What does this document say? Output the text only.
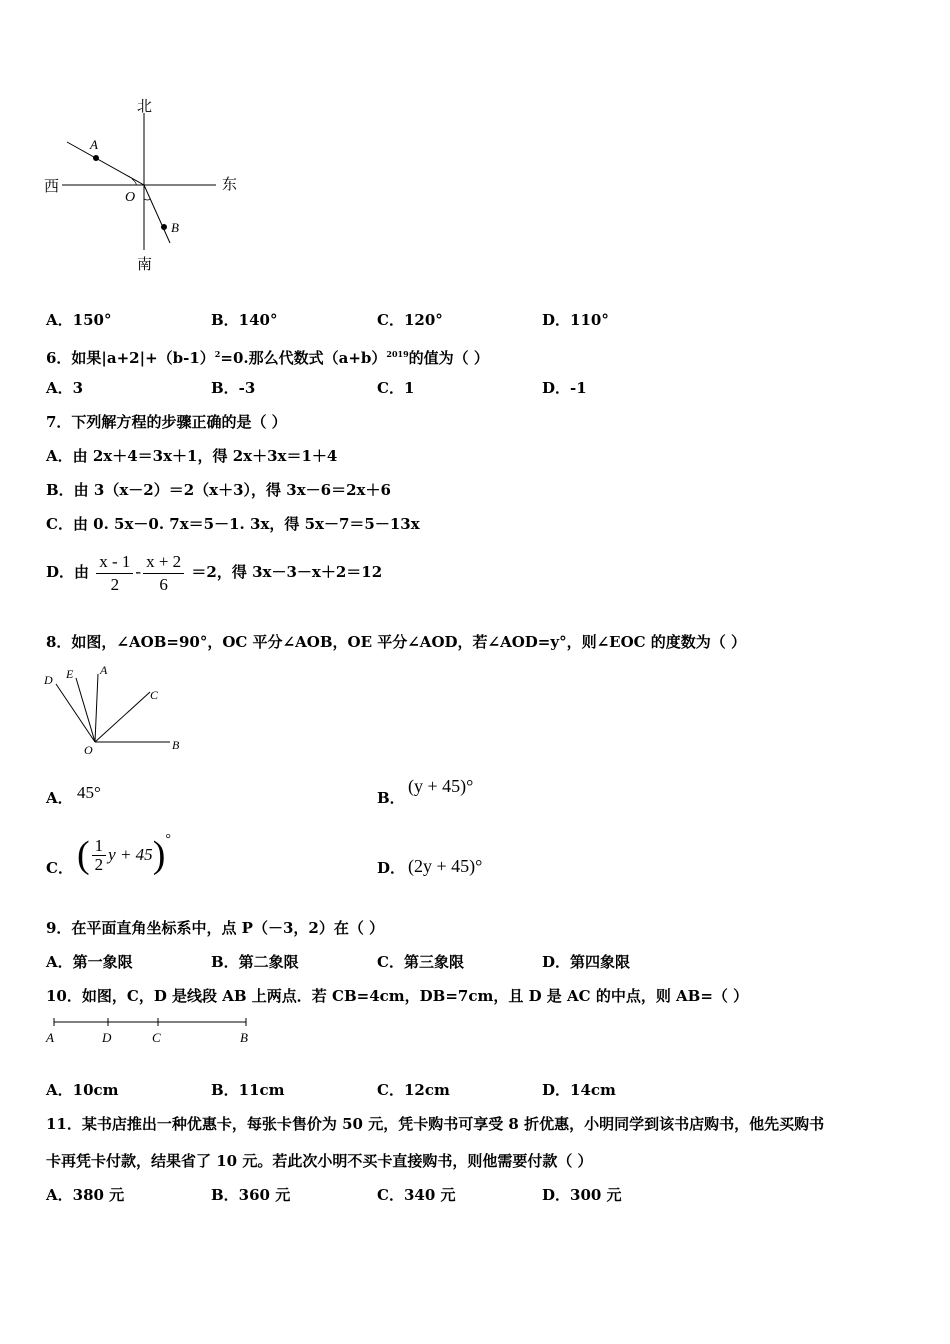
北
南
西	东
A
B
O
A．150°	B．140°	C．120°	D．110°
6．如果$|a+2|+(b-1)^2=0$.那么代数式$(a+b)^{2019}$的值为（ ）
A．3	B．-3	C．1	D．-1
7．下列解方程的步骤正确的是（ ）
A．由 2x＋4＝3x＋1，得 2x＋3x＝1＋4
B．由 3（x－2）＝2（x＋3），得 3x－6＝2x＋6
C．由 0. 5x－0. 7x＝5－1. 3x，得 5x－7＝5－13x
D．由 $\frac{x - 1}{2} - \frac{x + 2}{6} =2$，得 3x－3－x＋2＝12
8．如图，∠AOB=90°，OC 平分∠AOB，OE 平分∠AOD，若∠AOD=y°，则∠EOC 的度数为（ ）
D E A
C
O	B
A． 45°	B．
(y + 45)°
C． ( $\frac{1}{2}$ y + 45)°
D． (2y + 45)°
9．在平面直角坐标系中，点 P（－3，2）在（ ）
A．第一象限	B．第二象限	C．第三象限	D．第四象限
10．如图，C，D 是线段 AB 上两点．若 CB=4cm，DB=7cm，且 D 是 AC 的中点，则 AB=（ ）
A	D	C	B
A．10cm	B．11cm	C．12cm	D．14cm
11．某书店推出一种优惠卡，每张卡售价为 50 元，凭卡购书可享受 8 折优惠，小明同学到该书店购书，他先买购书
卡再凭卡付款，结果省了 10 元。若此次小明不买卡直接购书，则他需要付款（ ）
A．380 元	B．360 元	C．340 元	D．300 元
